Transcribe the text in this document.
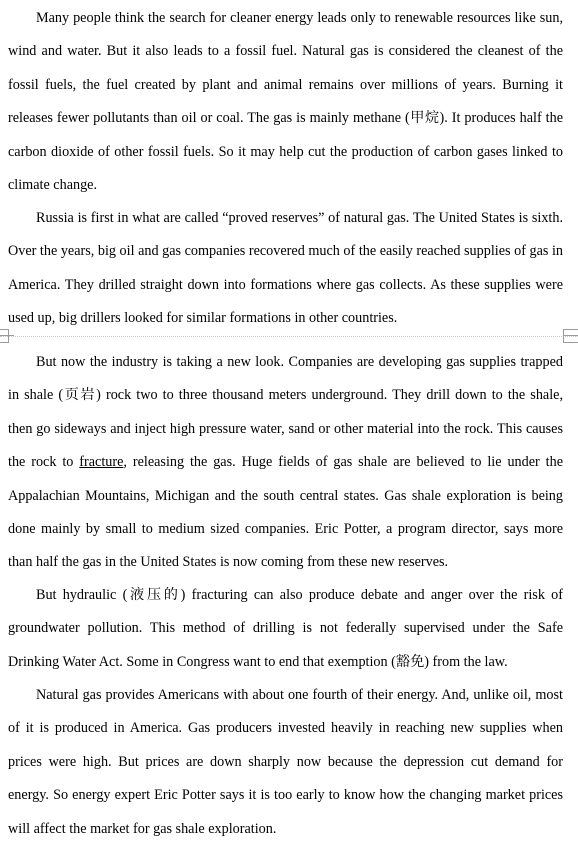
Many people think the search for cleaner energy leads only to renewable resources like sun, wind and water. But it also leads to a fossil fuel. Natural gas is considered the cleanest of the fossil fuels, the fuel created by plant and animal remains over millions of years. Burning it releases fewer pollutants than oil or coal. The gas is mainly methane (甲烷). It produces half the carbon dioxide of other fossil fuels. So it may help cut the production of carbon gases linked to climate change.

Russia is first in what are called “proved reserves” of natural gas. The United States is sixth. Over the years, big oil and gas companies recovered much of the easily reached supplies of gas in America. They drilled straight down into formations where gas collects. As these supplies were used up, big drillers looked for similar formations in other countries.

But now the industry is taking a new look. Companies are developing gas supplies trapped in shale (页岩) rock two to three thousand meters underground. They drill down to the shale, then go sideways and inject high pressure water, sand or other material into the rock. This causes the rock to fracture, releasing the gas. Huge fields of gas shale are believed to lie under the Appalachian Mountains, Michigan and the south central states. Gas shale exploration is being done mainly by small to medium sized companies. Eric Potter, a program director, says more than half the gas in the United States is now coming from these new reserves.

But hydraulic (液压的) fracturing can also produce debate and anger over the risk of groundwater pollution. This method of drilling is not federally supervised under the Safe Drinking Water Act. Some in Congress want to end that exemption (豁免) from the law.

Natural gas provides Americans with about one fourth of their energy. And, unlike oil, most of it is produced in America. Gas producers invested heavily in reaching new supplies when prices were high. But prices are down sharply now because the depression cut demand for energy. So energy expert Eric Potter says it is too early to know how the changing market prices will affect the market for gas shale exploration.
